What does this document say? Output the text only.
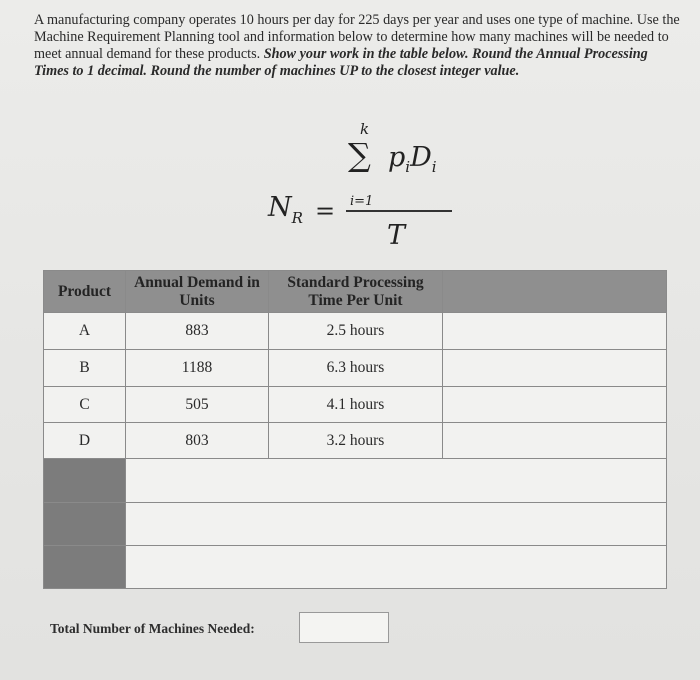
A manufacturing company operates 10 hours per day for 225 days per year and uses one type of machine. Use the Machine Requirement Planning tool and information below to determine how many machines will be needed to meet annual demand for these products. Show your work in the table below. Round the Annual Processing Times to 1 decimal. Round the number of machines UP to the closest integer value.
k
∑ $p_iD_i$
i=1
$N_R$ =
T
Product	Annual Demand in Units	Standard Processing Time Per Unit	
A	883	2.5 hours	
B	1188	6.3 hours	
C	505	4.1 hours	
D	803	3.2 hours	

Total Number of Machines Needed:
